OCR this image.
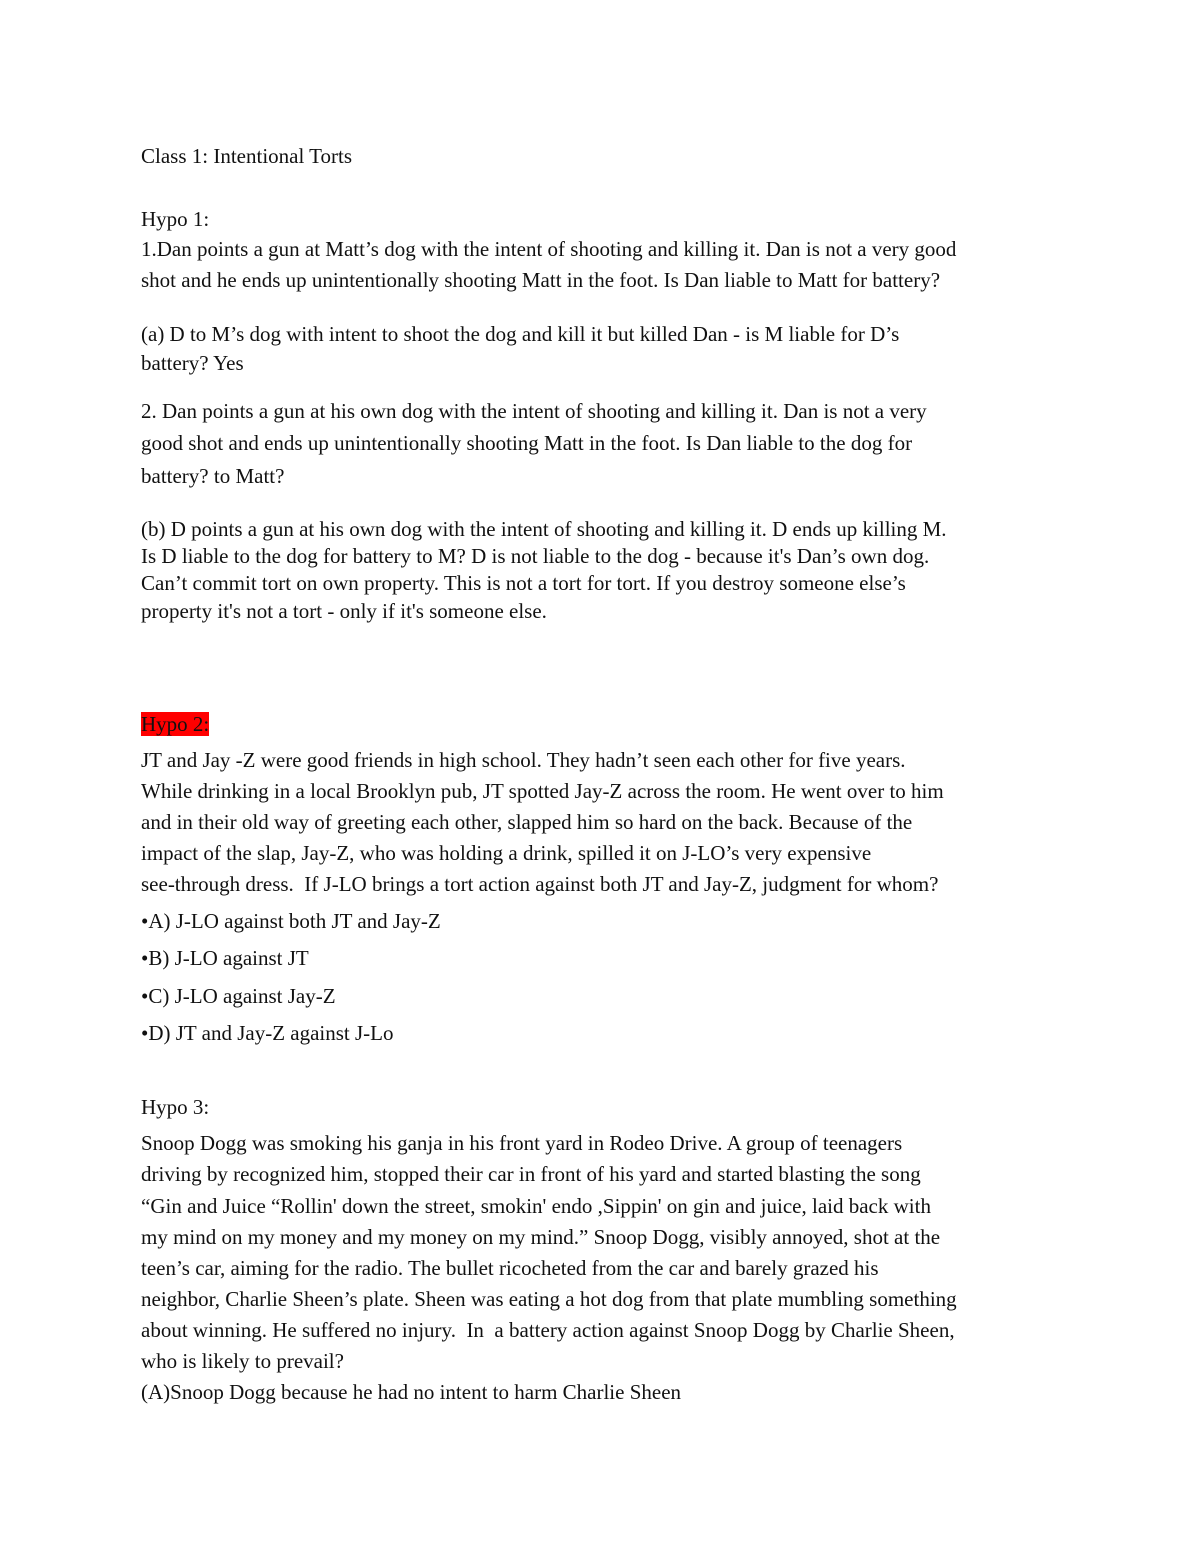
Class 1: Intentional Torts
Hypo 1:
1.Dan points a gun at Matt’s dog with the intent of shooting and killing it. Dan is not a very good
shot and he ends up unintentionally shooting Matt in the foot. Is Dan liable to Matt for battery?
(a) D to M’s dog with intent to shoot the dog and kill it but killed Dan - is M liable for D’s
battery? Yes
2. Dan points a gun at his own dog with the intent of shooting and killing it. Dan is not a very
good shot and ends up unintentionally shooting Matt in the foot. Is Dan liable to the dog for
battery? to Matt?
(b) D points a gun at his own dog with the intent of shooting and killing it. D ends up killing M.
Is D liable to the dog for battery to M? D is not liable to the dog - because it's Dan’s own dog.
Can’t commit tort on own property. This is not a tort for tort. If you destroy someone else’s
property it's not a tort - only if it's someone else.
Hypo 2:
JT and Jay -Z were good friends in high school. They hadn’t seen each other for five years.
While drinking in a local Brooklyn pub, JT spotted Jay-Z across the room. He went over to him
and in their old way of greeting each other, slapped him so hard on the back. Because of the
impact of the slap, Jay-Z, who was holding a drink, spilled it on J-LO’s very expensive
see-through dress.  If J-LO brings a tort action against both JT and Jay-Z, judgment for whom?
•A) J-LO against both JT and Jay-Z
•B) J-LO against JT
•C) J-LO against Jay-Z
•D) JT and Jay-Z against J-Lo
Hypo 3:
Snoop Dogg was smoking his ganja in his front yard in Rodeo Drive. A group of teenagers
driving by recognized him, stopped their car in front of his yard and started blasting the song
“Gin and Juice “Rollin' down the street, smokin' endo ,Sippin' on gin and juice, laid back with
my mind on my money and my money on my mind.” Snoop Dogg, visibly annoyed, shot at the
teen’s car, aiming for the radio. The bullet ricocheted from the car and barely grazed his
neighbor, Charlie Sheen’s plate. Sheen was eating a hot dog from that plate mumbling something
about winning. He suffered no injury.  In  a battery action against Snoop Dogg by Charlie Sheen,
who is likely to prevail?
(A)Snoop Dogg because he had no intent to harm Charlie Sheen
